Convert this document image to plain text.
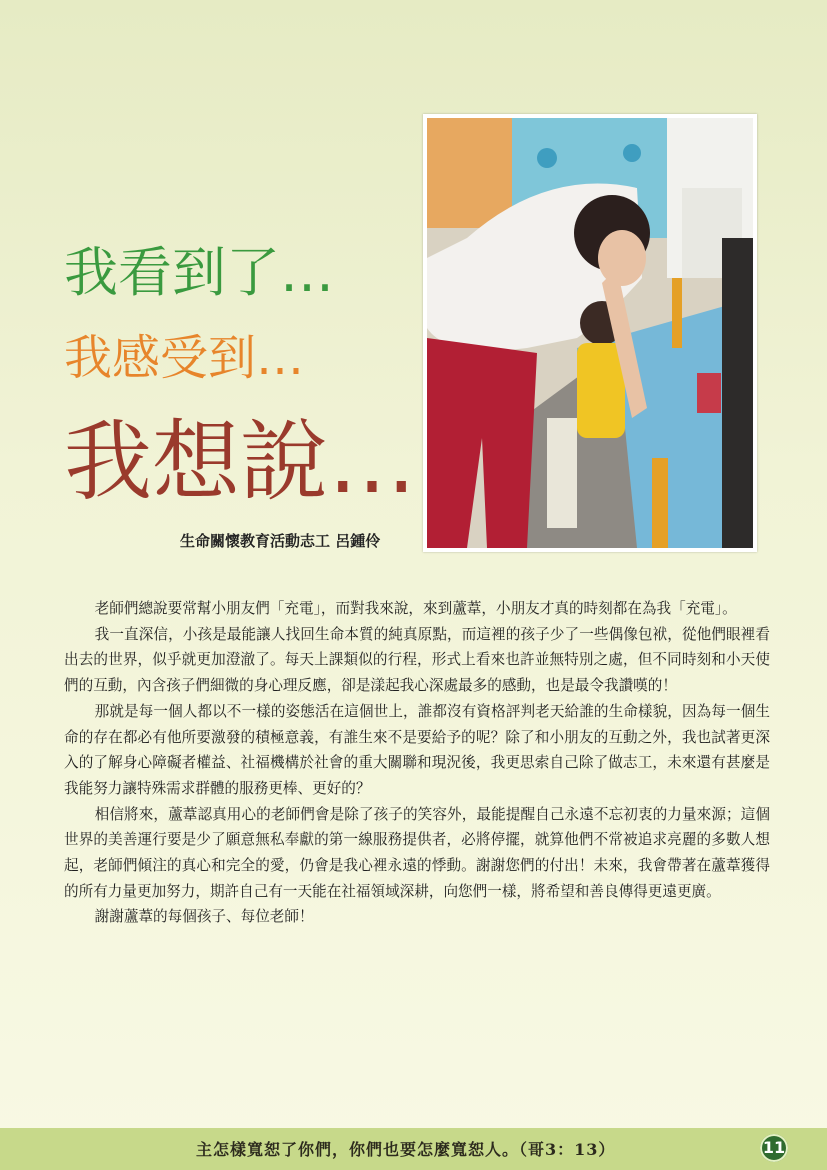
我看到了…
我感受到…
我想說…
生命關懷教育活動志工 呂鍾伶

老師們總說要常幫小朋友們「充電」，而對我來說，來到蘆葦，小朋友才真的時刻都在為我「充電」。

我一直深信，小孩是最能讓人找回生命本質的純真原點，而這裡的孩子少了一些偶像包袱，從他們眼裡看出去的世界，似乎就更加澄澈了。每天上課類似的行程，形式上看來也許並無特別之處，但不同時刻和小天使們的互動，內含孩子們細微的身心理反應，卻是漾起我心深處最多的感動，也是最令我讚嘆的！

那就是每一個人都以不一樣的姿態活在這個世上，誰都沒有資格評判老天給誰的生命樣貌，因為每一個生命的存在都必有他所要激發的積極意義，有誰生來不是要給予的呢？除了和小朋友的互動之外，我也試著更深入的了解身心障礙者權益、社福機構於社會的重大關聯和現況後，我更思索自己除了做志工，未來還有甚麼是我能努力讓特殊需求群體的服務更棒、更好的？

相信將來，蘆葦認真用心的老師們會是除了孩子的笑容外，最能提醒自己永遠不忘初衷的力量來源；這個世界的美善運行要是少了願意無私奉獻的第一線服務提供者，必將停擺，就算他們不常被追求亮麗的多數人想起，老師們傾注的真心和完全的愛，仍會是我心裡永遠的悸動。謝謝您們的付出！未來，我會帶著在蘆葦獲得的所有力量更加努力，期許自己有一天能在社福領域深耕，向您們一樣，將希望和善良傳得更遠更廣。

謝謝蘆葦的每個孩子、每位老師！

主怎樣寬恕了你們，你們也要怎麼寬恕人。（哥3：13）	11
